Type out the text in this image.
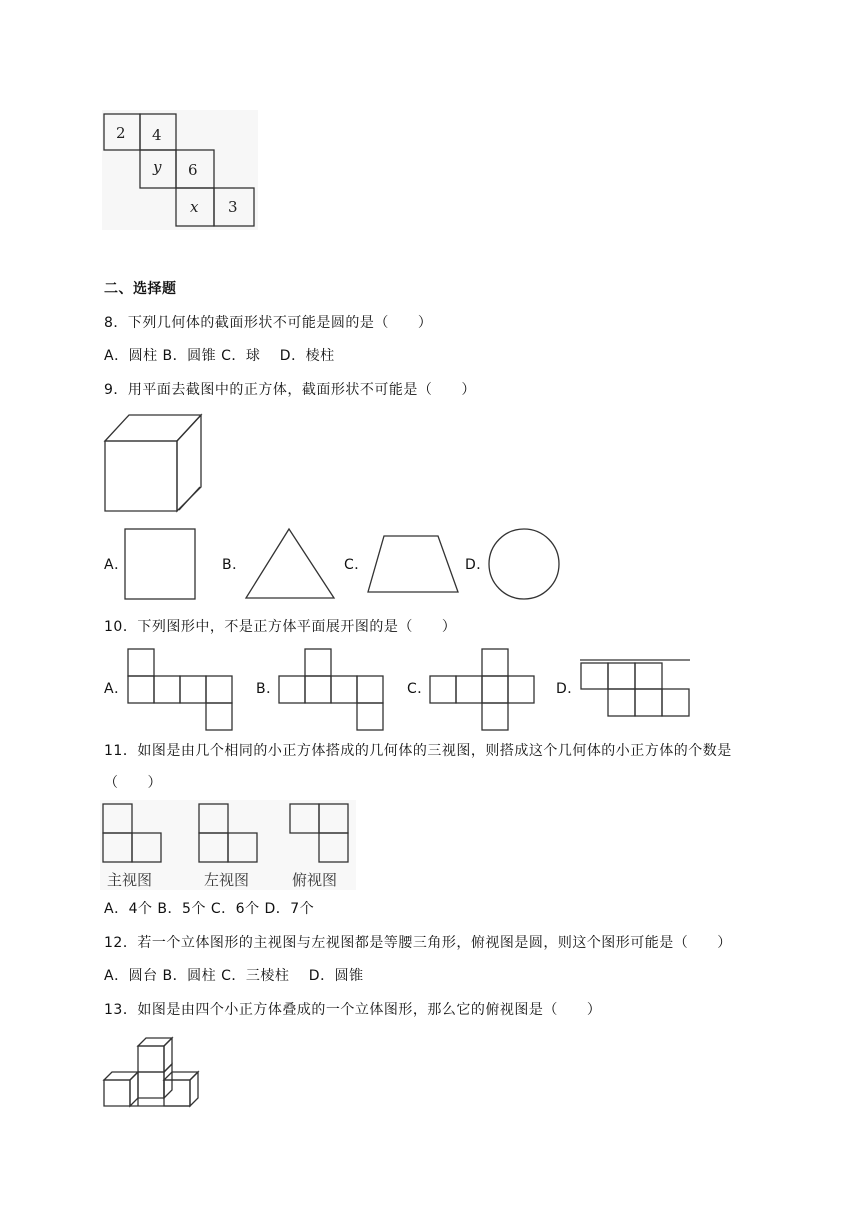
2 4
y 6
x 3
二、选择题
8．下列几何体的截面形状不可能是圆的是（　　）
A．圆柱 B．圆锥 C．球　 D．棱柱
9．用平面去截图中的正方体，截面形状不可能是（　　）
A．	B．	C．	D．
10．下列图形中，不是正方体平面展开图的是（　　）
A．	B．	C．	D．
11．如图是由几个相同的小正方体搭成的几何体的三视图，则搭成这个几何体的小正方体的个数是
（　　）
主视图	左视图	俯视图
A．4个 B．5个 C．6个 D．7个
12．若一个立体图形的主视图与左视图都是等腰三角形，俯视图是圆，则这个图形可能是（　　）
A．圆台 B．圆柱 C．三棱柱　 D．圆锥
13．如图是由四个小正方体叠成的一个立体图形，那么它的俯视图是（　　）
